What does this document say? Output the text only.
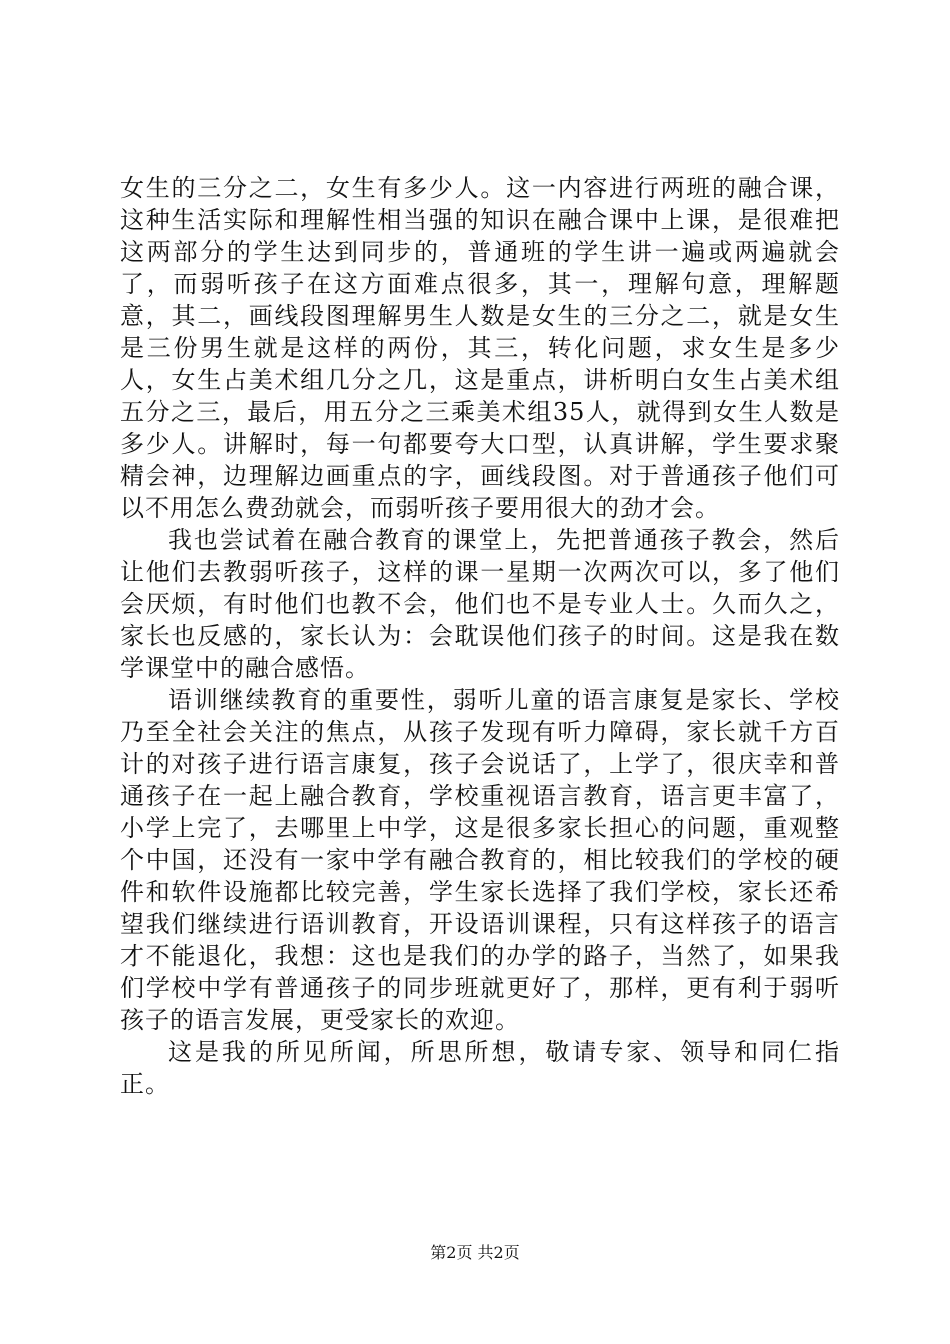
女生的三分之二，女生有多少人。这一内容进行两班的融合课，这种生活实际和理解性相当强的知识在融合课中上课，是很难把这两部分的学生达到同步的，普通班的学生讲一遍或两遍就会了，而弱听孩子在这方面难点很多，其一，理解句意，理解题意，其二，画线段图理解男生人数是女生的三分之二，就是女生是三份男生就是这样的两份，其三，转化问题，求女生是多少人，女生占美术组几分之几，这是重点，讲析明白女生占美术组五分之三，最后，用五分之三乘美术组35人，就得到女生人数是多少人。讲解时，每一句都要夸大口型，认真讲解，学生要求聚精会神，边理解边画重点的字，画线段图。对于普通孩子他们可以不用怎么费劲就会，而弱听孩子要用很大的劲才会。

我也尝试着在融合教育的课堂上，先把普通孩子教会，然后让他们去教弱听孩子，这样的课一星期一次两次可以，多了他们会厌烦，有时他们也教不会，他们也不是专业人士。久而久之，家长也反感的，家长认为：会耽误他们孩子的时间。这是我在数学课堂中的融合感悟。

语训继续教育的重要性，弱听儿童的语言康复是家长、学校乃至全社会关注的焦点，从孩子发现有听力障碍，家长就千方百计的对孩子进行语言康复，孩子会说话了，上学了，很庆幸和普通孩子在一起上融合教育，学校重视语言教育，语言更丰富了，小学上完了，去哪里上中学，这是很多家长担心的问题，重观整个中国，还没有一家中学有融合教育的，相比较我们的学校的硬件和软件设施都比较完善，学生家长选择了我们学校，家长还希望我们继续进行语训教育，开设语训课程，只有这样孩子的语言才不能退化，我想：这也是我们的办学的路子，当然了，如果我们学校中学有普通孩子的同步班就更好了，那样，更有利于弱听孩子的语言发展，更受家长的欢迎。

这是我的所见所闻，所思所想，敬请专家、领导和同仁指正。

第2页 共2页
